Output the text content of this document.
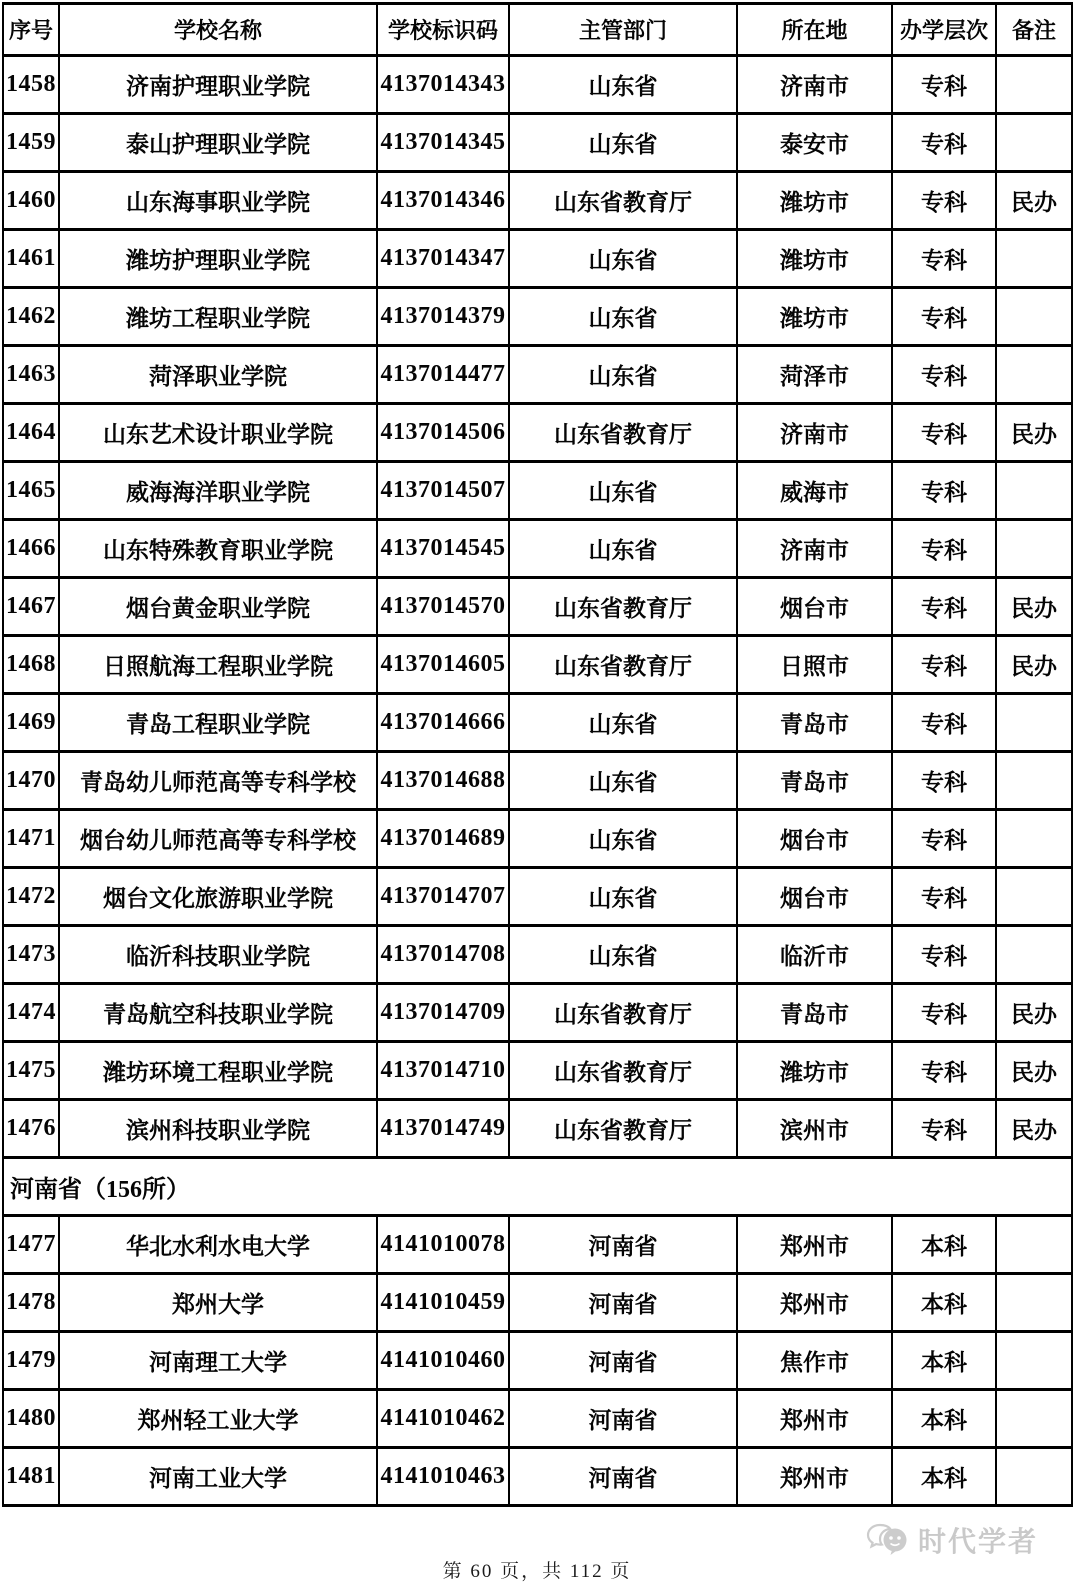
序号	学校名称	学校标识码	主管部门	所在地	办学层次	备注
1458	济南护理职业学院	4137014343	山东省	济南市	专科	
1459	泰山护理职业学院	4137014345	山东省	泰安市	专科	
1460	山东海事职业学院	4137014346	山东省教育厅	潍坊市	专科	民办
1461	潍坊护理职业学院	4137014347	山东省	潍坊市	专科	
1462	潍坊工程职业学院	4137014379	山东省	潍坊市	专科	
1463	菏泽职业学院	4137014477	山东省	菏泽市	专科	
1464	山东艺术设计职业学院	4137014506	山东省教育厅	济南市	专科	民办
1465	威海海洋职业学院	4137014507	山东省	威海市	专科	
1466	山东特殊教育职业学院	4137014545	山东省	济南市	专科	
1467	烟台黄金职业学院	4137014570	山东省教育厅	烟台市	专科	民办
1468	日照航海工程职业学院	4137014605	山东省教育厅	日照市	专科	民办
1469	青岛工程职业学院	4137014666	山东省	青岛市	专科	
1470	青岛幼儿师范高等专科学校	4137014688	山东省	青岛市	专科	
1471	烟台幼儿师范高等专科学校	4137014689	山东省	烟台市	专科	
1472	烟台文化旅游职业学院	4137014707	山东省	烟台市	专科	
1473	临沂科技职业学院	4137014708	山东省	临沂市	专科	
1474	青岛航空科技职业学院	4137014709	山东省教育厅	青岛市	专科	民办
1475	潍坊环境工程职业学院	4137014710	山东省教育厅	潍坊市	专科	民办
1476	滨州科技职业学院	4137014749	山东省教育厅	滨州市	专科	民办
河南省（156所）						
1477	华北水利水电大学	4141010078	河南省	郑州市	本科	
1478	郑州大学	4141010459	河南省	郑州市	本科	
1479	河南理工大学	4141010460	河南省	焦作市	本科	
1480	郑州轻工业大学	4141010462	河南省	郑州市	本科	
1481	河南工业大学	4141010463	河南省	郑州市	本科	
时代学者
第 60 页，共 112 页
